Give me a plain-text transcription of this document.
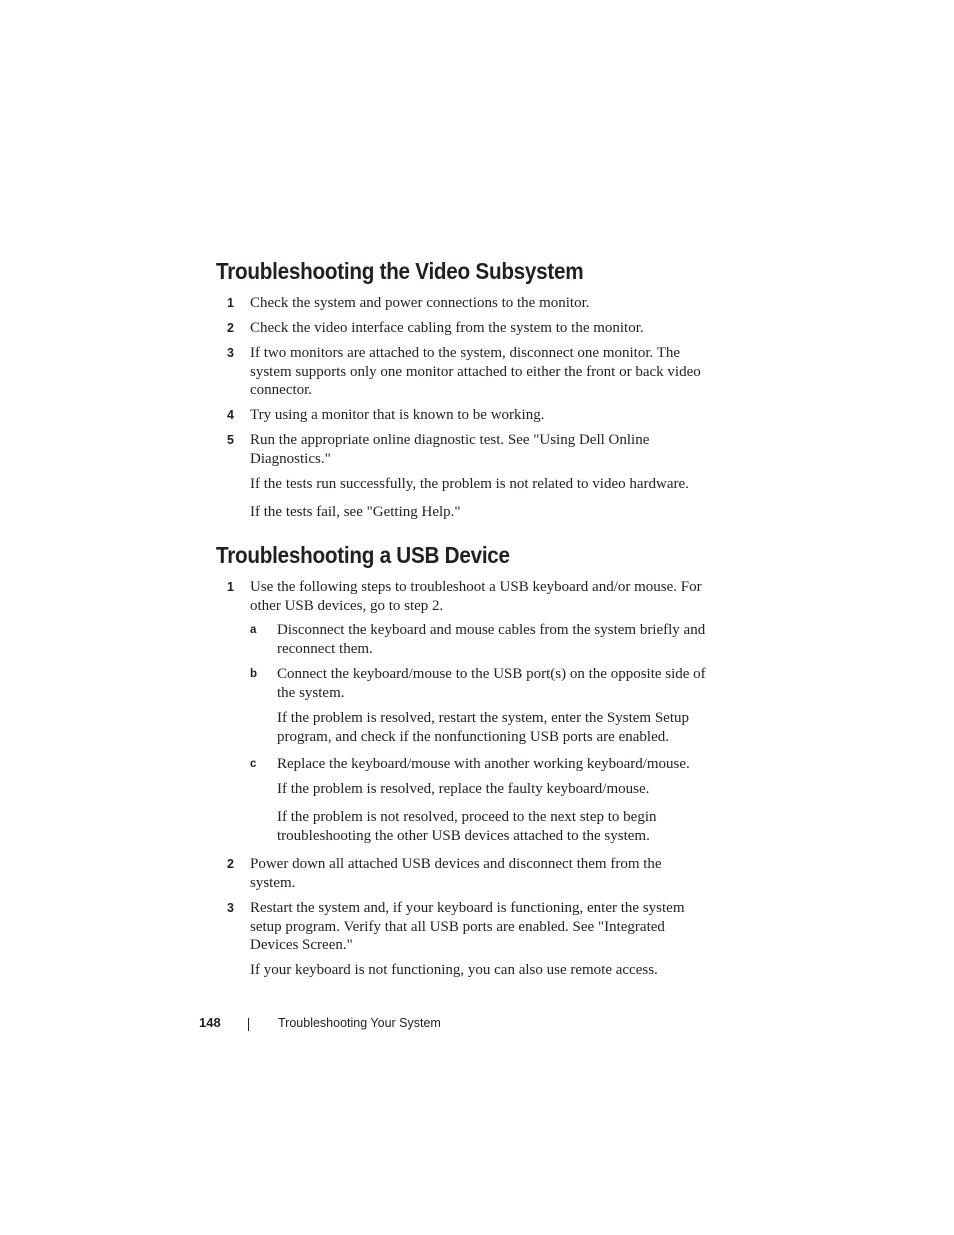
Troubleshooting the Video Subsystem
1 Check the system and power connections to the monitor.
2 Check the video interface cabling from the system to the monitor.
3 If two monitors are attached to the system, disconnect one monitor. The system supports only one monitor attached to either the front or back video connector.
4 Try using a monitor that is known to be working.
5 Run the appropriate online diagnostic test. See "Using Dell Online Diagnostics."
If the tests run successfully, the problem is not related to video hardware.
If the tests fail, see "Getting Help."
Troubleshooting a USB Device
1 Use the following steps to troubleshoot a USB keyboard and/or mouse. For other USB devices, go to step 2.
a Disconnect the keyboard and mouse cables from the system briefly and reconnect them.
b Connect the keyboard/mouse to the USB port(s) on the opposite side of the system.
If the problem is resolved, restart the system, enter the System Setup program, and check if the nonfunctioning USB ports are enabled.
c Replace the keyboard/mouse with another working keyboard/mouse.
If the problem is resolved, replace the faulty keyboard/mouse.
If the problem is not resolved, proceed to the next step to begin troubleshooting the other USB devices attached to the system.
2 Power down all attached USB devices and disconnect them from the system.
3 Restart the system and, if your keyboard is functioning, enter the system setup program. Verify that all USB ports are enabled. See "Integrated Devices Screen."
If your keyboard is not functioning, you can also use remote access.
148	Troubleshooting Your System
